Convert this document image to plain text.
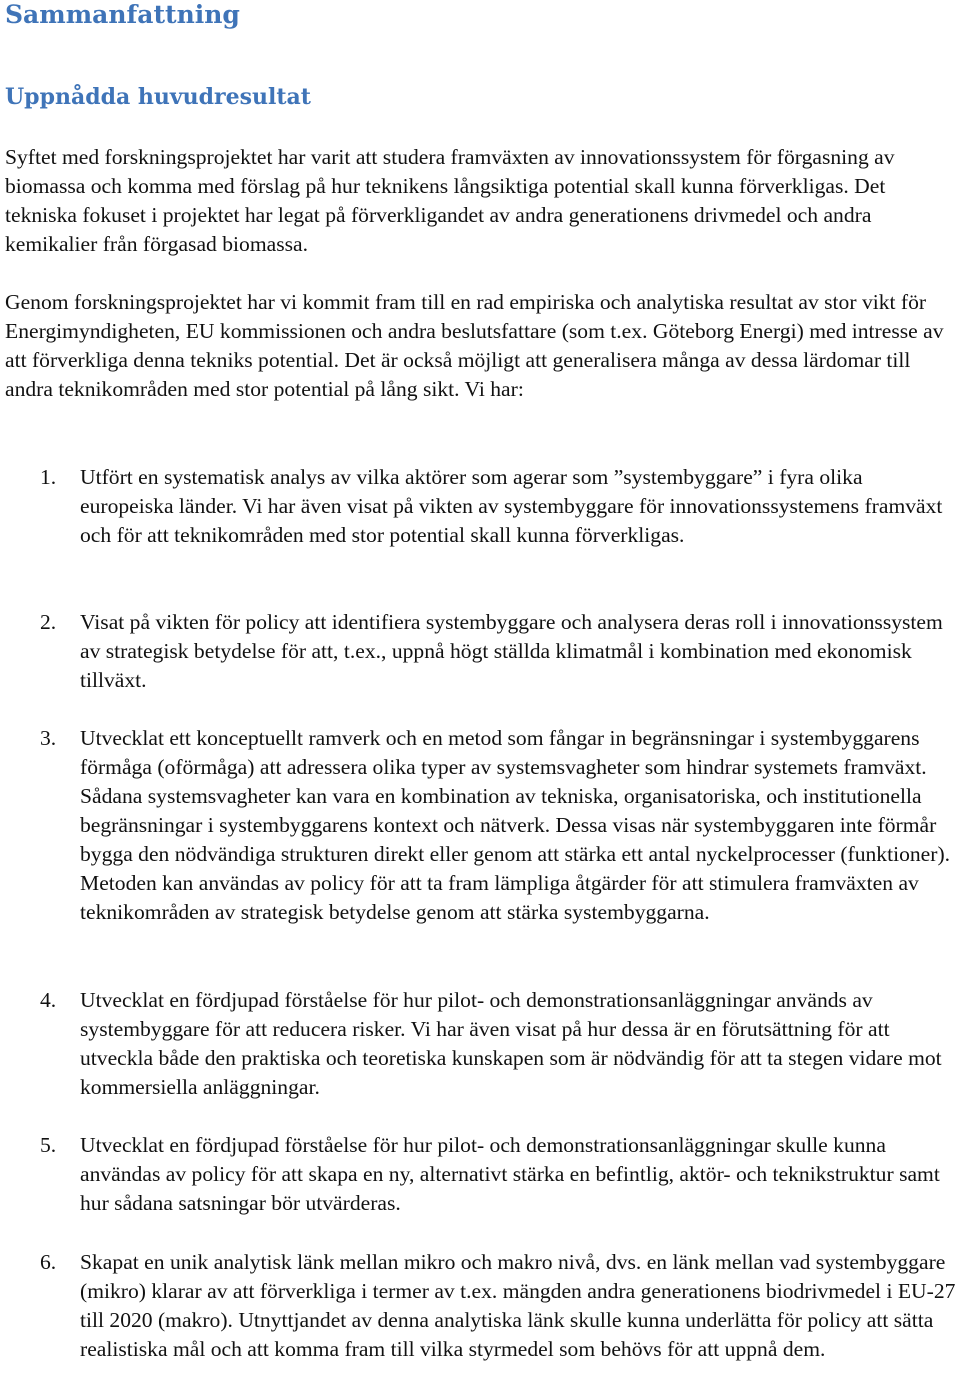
Sammanfattning
Uppnådda huvudresultat

Syftet med forskningsprojektet har varit att studera framväxten av innovationssystem för förgasning av biomassa och komma med förslag på hur teknikens långsiktiga potential skall kunna förverkligas. Det tekniska fokuset i projektet har legat på förverkligandet av andra generationens drivmedel och andra kemikalier från förgasad biomassa.

Genom forskningsprojektet har vi kommit fram till en rad empiriska och analytiska resultat av stor vikt för Energimyndigheten, EU kommissionen och andra beslutsfattare (som t.ex. Göteborg Energi) med intresse av att förverkliga denna tekniks potential. Det är också möjligt att generalisera många av dessa lärdomar till andra teknikområden med stor potential på lång sikt. Vi har:

1. Utfört en systematisk analys av vilka aktörer som agerar som ”systembyggare” i fyra olika europeiska länder. Vi har även visat på vikten av systembyggare för innovationssystemens framväxt och för att teknikområden med stor potential skall kunna förverkligas.

2. Visat på vikten för policy att identifiera systembyggare och analysera deras roll i innovationssystem av strategisk betydelse för att, t.ex., uppnå högt ställda klimatmål i kombination med ekonomisk tillväxt.

3. Utvecklat ett konceptuellt ramverk och en metod som fångar in begränsningar i systembyggarens förmåga (oförmåga) att adressera olika typer av systemsvagheter som hindrar systemets framväxt. Sådana systemsvagheter kan vara en kombination av tekniska, organisatoriska, och institutionella begränsningar i systembyggarens kontext och nätverk. Dessa visas när systembyggaren inte förmår bygga den nödvändiga strukturen direkt eller genom att stärka ett antal nyckelprocesser (funktioner). Metoden kan användas av policy för att ta fram lämpliga åtgärder för att stimulera framväxten av teknikområden av strategisk betydelse genom att stärka systembyggarna.

4. Utvecklat en fördjupad förståelse för hur pilot- och demonstrationsanläggningar används av systembyggare för att reducera risker. Vi har även visat på hur dessa är en förutsättning för att utveckla både den praktiska och teoretiska kunskapen som är nödvändig för att ta stegen vidare mot kommersiella anläggningar.

5. Utvecklat en fördjupad förståelse för hur pilot- och demonstrationsanläggningar skulle kunna användas av policy för att skapa en ny, alternativt stärka en befintlig, aktör- och teknikstruktur samt hur sådana satsningar bör utvärderas.

6. Skapat en unik analytisk länk mellan mikro och makro nivå, dvs. en länk mellan vad systembyggare (mikro) klarar av att förverkliga i termer av t.ex. mängden andra generationens biodrivmedel i EU-27 till 2020 (makro). Utnyttjandet av denna analytiska länk skulle kunna underlätta för policy att sätta realistiska mål och att komma fram till vilka styrmedel som behövs för att uppnå dem.
